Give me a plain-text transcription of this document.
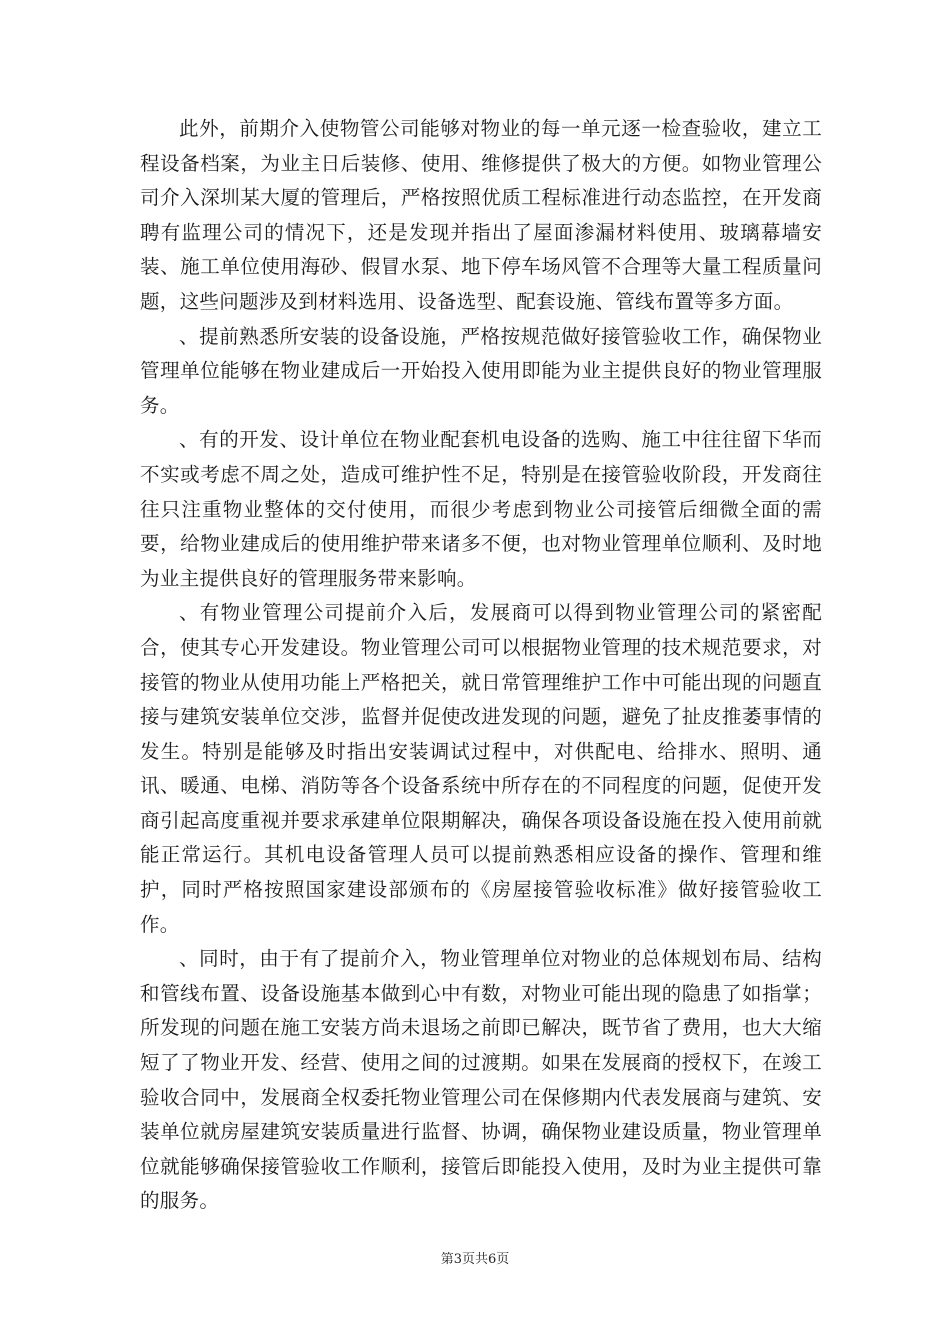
此外，前期介入使物管公司能够对物业的每一单元逐一检查验收，建立工程设备档案，为业主日后装修、使用、维修提供了极大的方便。如物业管理公司介入深圳某大厦的管理后，严格按照优质工程标准进行动态监控，在开发商聘有监理公司的情况下，还是发现并指出了屋面渗漏材料使用、玻璃幕墙安装、施工单位使用海砂、假冒水泵、地下停车场风管不合理等大量工程质量问题，这些问题涉及到材料选用、设备选型、配套设施、管线布置等多方面。

、提前熟悉所安装的设备设施，严格按规范做好接管验收工作，确保物业管理单位能够在物业建成后一开始投入使用即能为业主提供良好的物业管理服务。

、有的开发、设计单位在物业配套机电设备的选购、施工中往往留下华而不实或考虑不周之处，造成可维护性不足，特别是在接管验收阶段，开发商往往只注重物业整体的交付使用，而很少考虑到物业公司接管后细微全面的需要，给物业建成后的使用维护带来诸多不便，也对物业管理单位顺利、及时地为业主提供良好的管理服务带来影响。

、有物业管理公司提前介入后，发展商可以得到物业管理公司的紧密配合，使其专心开发建设。物业管理公司可以根据物业管理的技术规范要求，对接管的物业从使用功能上严格把关，就日常管理维护工作中可能出现的问题直接与建筑安装单位交涉，监督并促使改进发现的问题，避免了扯皮推萎事情的发生。特别是能够及时指出安装调试过程中，对供配电、给排水、照明、通讯、暖通、电梯、消防等各个设备系统中所存在的不同程度的问题，促使开发商引起高度重视并要求承建单位限期解决，确保各项设备设施在投入使用前就能正常运行。其机电设备管理人员可以提前熟悉相应设备的操作、管理和维护，同时严格按照国家建设部颁布的《房屋接管验收标准》做好接管验收工作。

、同时，由于有了提前介入，物业管理单位对物业的总体规划布局、结构和管线布置、设备设施基本做到心中有数，对物业可能出现的隐患了如指掌；所发现的问题在施工安装方尚未退场之前即已解决，既节省了费用，也大大缩短了了物业开发、经营、使用之间的过渡期。如果在发展商的授权下，在竣工验收合同中，发展商全权委托物业管理公司在保修期内代表发展商与建筑、安装单位就房屋建筑安装质量进行监督、协调，确保物业建设质量，物业管理单位就能够确保接管验收工作顺利，接管后即能投入使用，及时为业主提供可靠的服务。

第3页共6页
